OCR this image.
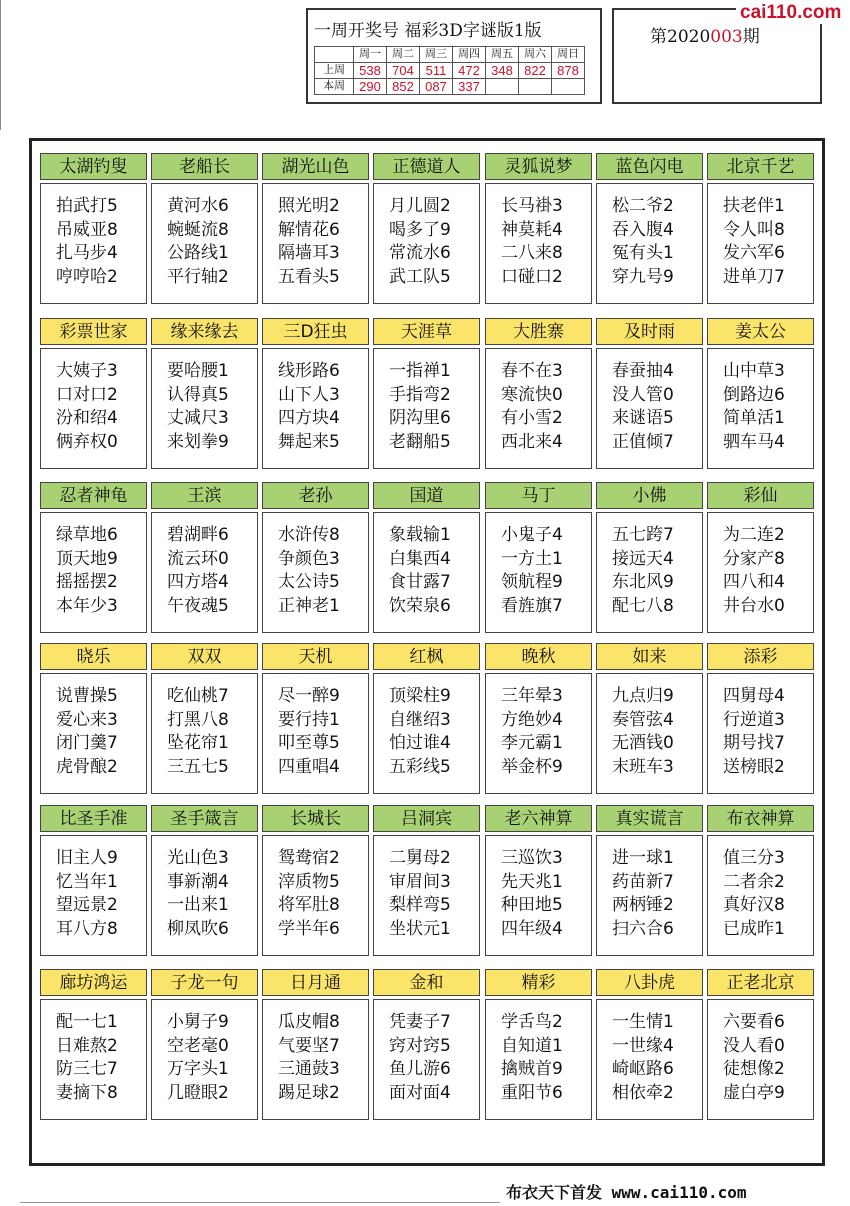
一周开奖号 福彩3D字谜版1版
	周一	周二	周三	周四	周五	周六	周日
上周	538	704	511	472	348	822	878
本周	290	852	087	337			
第2020003期
cai110.com
太湖钓叟
拍武打5
吊威亚8
扎马步4
哼哼哈2
老船长
黄河水6
蜿蜒流8
公路线1
平行轴2
湖光山色
照光明2
解情花6
隔墙耳3
五看头5
正德道人
月儿圆2
喝多了9
常流水6
武工队5
灵狐说梦
长马褂3
神莫耗4
二八来8
口碰口2
蓝色闪电
松二爷2
吞入腹4
冤有头1
穿九号9
北京千艺
扶老伴1
令人叫8
发六军6
进单刀7
彩票世家
大姨子3
口对口2
汾和绍4
俩弃权0
缘来缘去
要哈腰1
认得真5
丈减尺3
来划拳9
三D狂虫
线形路6
山下人3
四方块4
舞起来5
天涯草
一指禅1
手指弯2
阴沟里6
老翻船5
大胜寨
春不在3
寒流快0
有小雪2
西北来4
及时雨
春蚕抽4
没人管0
来谜语5
正值倾7
姜太公
山中草3
倒路边6
简单活1
驷车马4
忍者神龟
绿草地6
顶天地9
摇摇摆2
本年少3
王滨
碧湖畔6
流云环0
四方塔4
午夜魂5
老孙
水浒传8
争颜色3
太公诗5
正神老1
国道
象载输1
白集西4
食甘露7
饮荣泉6
马丁
小鬼子4
一方土1
领航程9
看旌旗7
小佛
五七跨7
接远天4
东北风9
配七八8
彩仙
为二连2
分家产8
四八和4
井台水0
晓乐
说曹操5
爱心来3
闭门羹7
虎骨酿2
双双
吃仙桃7
打黑八8
坠花帘1
三五七5
天机
尽一醉9
要行持1
叩至尊5
四重唱4
红枫
顶梁柱9
自继绍3
怕过谁4
五彩线5
晚秋
三年晕3
方绝妙4
李元霸1
举金杯9
如来
九点归9
奏管弦4
无酒钱0
末班车3
添彩
四舅母4
行逆道3
期号找7
送榜眼2
比圣手准
旧主人9
忆当年1
望远景2
耳八方8
圣手箴言
光山色3
事新潮4
一出来1
柳凤吹6
长城长
鸳鸯宿2
滓质物5
将军肚8
学半年6
吕洞宾
二舅母2
审眉间3
梨样弯5
坐状元1
老六神算
三巡饮3
先天兆1
种田地5
四年级4
真实谎言
进一球1
药苗新7
两柄锤2
扫六合6
布衣神算
值三分3
二者余2
真好汉8
已成昨1
廊坊鸿运
配一七1
日难熬2
防三七7
妻摘下8
子龙一句
小舅子9
空老毫0
万字头1
几瞪眼2
日月通
瓜皮帽8
气要坚7
三通鼓3
踢足球2
金和
凭妻子7
窍对窍5
鱼儿游6
面对面4
精彩
学舌鸟2
自知道1
擒贼首9
重阳节6
八卦虎
一生情1
一世缘4
崎岖路6
相依牵2
正老北京
六要看6
没人看0
徒想像2
虚白亭9
布衣天下首发 www.cai110.com
